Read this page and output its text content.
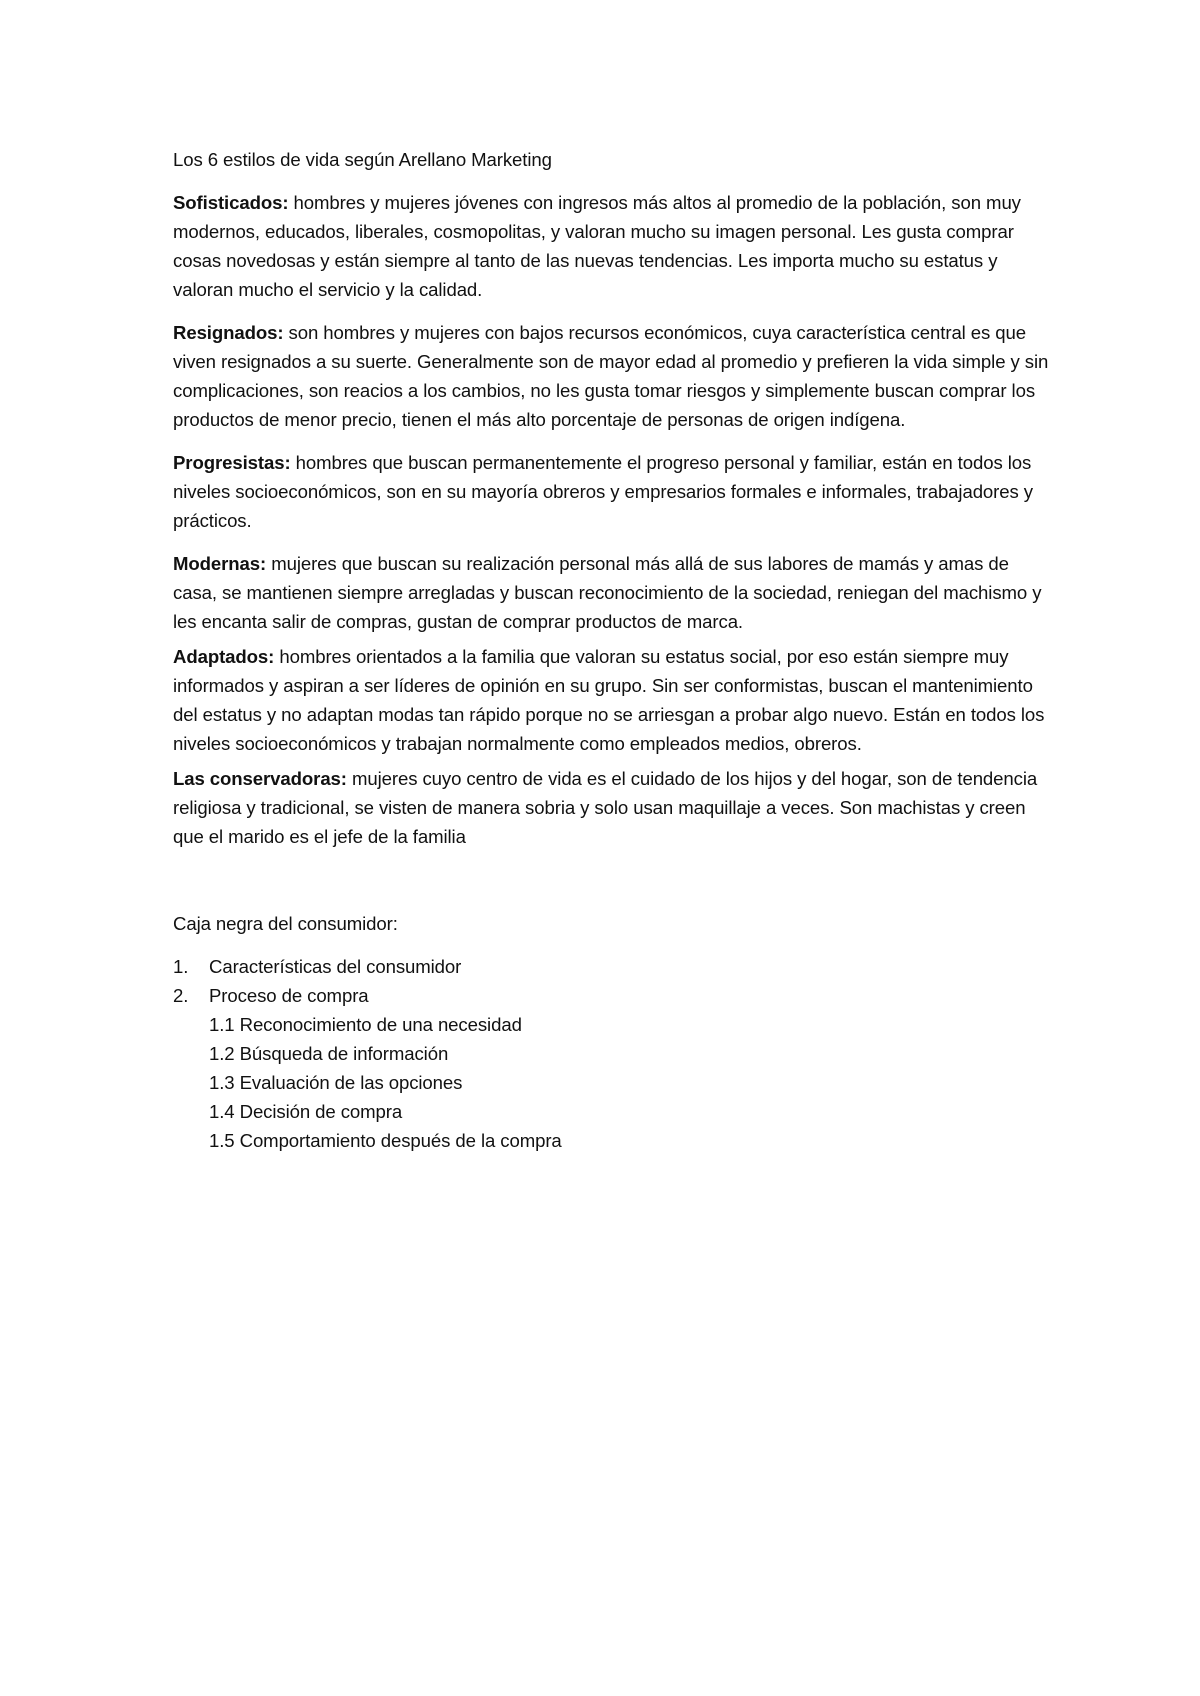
Los 6 estilos de vida según Arellano Marketing

Sofisticados: hombres y mujeres jóvenes con ingresos más altos al promedio de la población, son muy modernos, educados, liberales, cosmopolitas, y valoran mucho su imagen personal. Les gusta comprar cosas novedosas y están siempre al tanto de las nuevas tendencias. Les importa mucho su estatus y valoran mucho el servicio y la calidad.

Resignados: son hombres y mujeres con bajos recursos económicos, cuya característica central es que viven resignados a su suerte. Generalmente son de mayor edad al promedio y prefieren la vida simple y sin complicaciones, son reacios a los cambios, no les gusta tomar riesgos y simplemente buscan comprar los productos de menor precio, tienen el más alto porcentaje de personas de origen indígena.

Progresistas: hombres que buscan permanentemente el progreso personal y familiar, están en todos los niveles socioeconómicos, son en su mayoría obreros y empresarios formales e informales, trabajadores y prácticos.

Modernas: mujeres que buscan su realización personal más allá de sus labores de mamás y amas de casa, se mantienen siempre arregladas y buscan reconocimiento de la sociedad, reniegan del machismo y les encanta salir de compras, gustan de comprar productos de marca.

Adaptados: hombres orientados a la familia que valoran su estatus social, por eso están siempre muy informados y aspiran a ser líderes de opinión en su grupo. Sin ser conformistas, buscan el mantenimiento del estatus y no adaptan modas tan rápido porque no se arriesgan a probar algo nuevo. Están en todos los niveles socioeconómicos y trabajan normalmente como empleados medios, obreros.

Las conservadoras: mujeres cuyo centro de vida es el cuidado de los hijos y del hogar, son de tendencia religiosa y tradicional, se visten de manera sobria y solo usan maquillaje a veces. Son machistas y creen que el marido es el jefe de la familia

Caja negra del consumidor:

1.	Características del consumidor
2.	Proceso de compra
1.1 Reconocimiento de una necesidad
1.2 Búsqueda de información
1.3 Evaluación de las opciones
1.4 Decisión de compra
1.5 Comportamiento después de la compra
